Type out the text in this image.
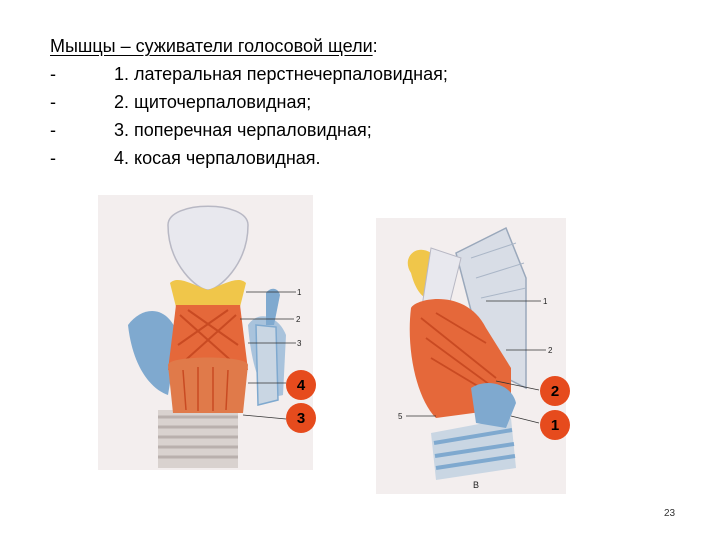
Мышцы – суживатели голосовой щели:
-	1. латеральная перстнечерпаловидная;
-	2. щиточерпаловидная;
-	3. поперечная черпаловидная;
-	4. косая черпаловидная.
1
2
3
1
2
5
В
4
3
2
1
23
